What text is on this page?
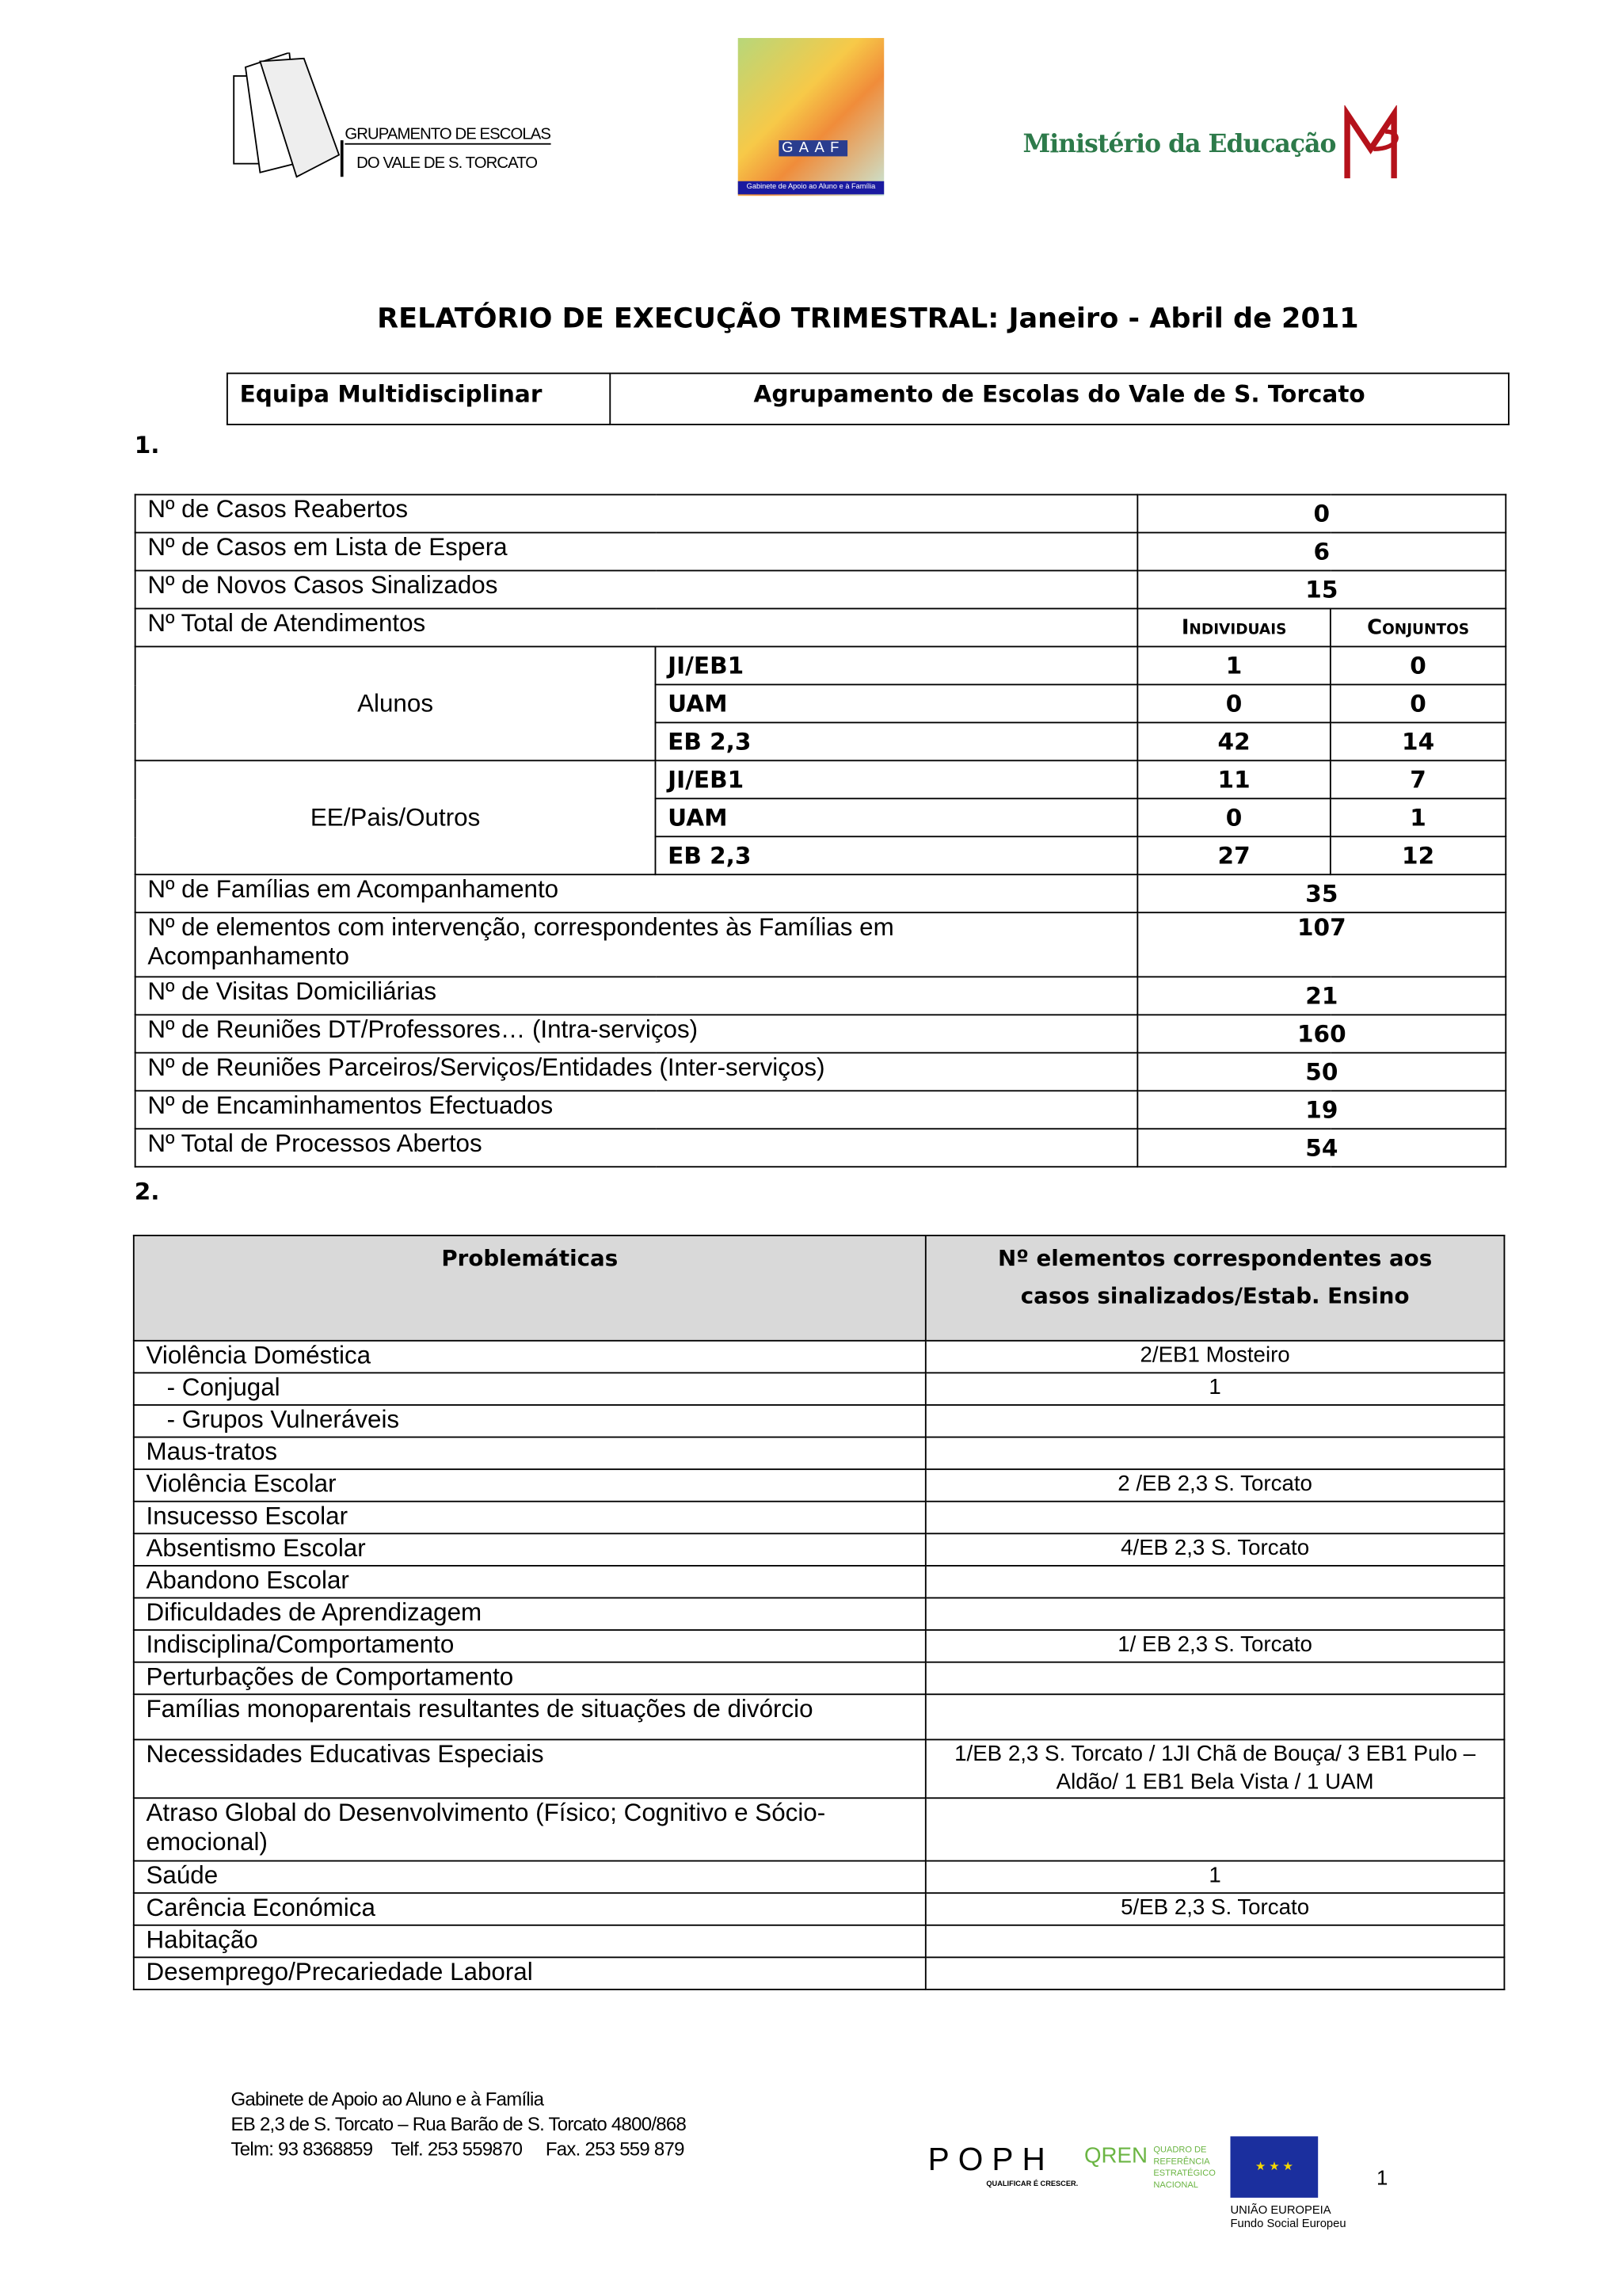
GRUPAMENTO DE ESCOLAS
DO VALE DE S. TORCATO
GAAF
Gabinete de Apoio ao Aluno e à Família
Ministério da Educação
RELATÓRIO DE EXECUÇÃO TRIMESTRAL: Janeiro - Abril de 2011
Equipa Multidisciplinar	Agrupamento de Escolas do Vale de S. Torcato
1.
Nº de Casos Reabertos		0	
Nº de Casos em Lista de Espera		6	
Nº de Novos Casos Sinalizados		15	
Nº Total de Atendimentos		Individuais	Conjuntos
Alunos	JI/EB1	1	0
	UAM	0	0
	EB 2,3	42	14
EE/Pais/Outros	JI/EB1	11	7
	UAM	0	1
	EB 2,3	27	12
Nº de Famílias em Acompanhamento		35	
Nº de elementos com intervenção, correspondentes às Famílias em Acompanhamento		107	
Nº de Visitas Domiciliárias		21	
Nº de Reuniões DT/Professores… (Intra-serviços)		160	
Nº de Reuniões Parceiros/Serviços/Entidades (Inter-serviços)		50	
Nº de Encaminhamentos Efectuados		19	
Nº Total de Processos Abertos		54	
2.
Problemáticas	Nº elementos correspondentes aos casos sinalizados/Estab. Ensino
Violência Doméstica	2/EB1 Mosteiro
- Conjugal	1
- Grupos Vulneráveis	
Maus-tratos	
Violência Escolar	2 /EB 2,3 S. Torcato
Insucesso Escolar	
Absentismo Escolar	4/EB 2,3 S. Torcato
Abandono Escolar	
Dificuldades de Aprendizagem	
Indisciplina/Comportamento	1/ EB 2,3 S. Torcato
Perturbações de Comportamento	
Famílias monoparentais resultantes de situações de divórcio	
Necessidades Educativas Especiais	1/EB 2,3 S. Torcato / 1JI Chã de Bouça/ 3 EB1 Pulo – Aldão/ 1 EB1 Bela Vista / 1 UAM
Atraso Global do Desenvolvimento (Físico; Cognitivo e Sócio-emocional)	
Saúde	1
Carência Económica	5/EB 2,3 S. Torcato
Habitação	
Desemprego/Precariedade Laboral	
Gabinete de Apoio ao Aluno e à Família
EB 2,3 de S. Torcato – Rua Barão de S. Torcato 4800/868
Telm: 93 8368859    Telf. 253 559870     Fax. 253 559 879	POPH
QUALIFICAR É CRESCER.
QREN QUADRO DE REFERÊNCIA ESTRATÉGICO NACIONAL
★ ★ ★
UNIÃO EUROPEIA
Fundo Social Europeu
1
